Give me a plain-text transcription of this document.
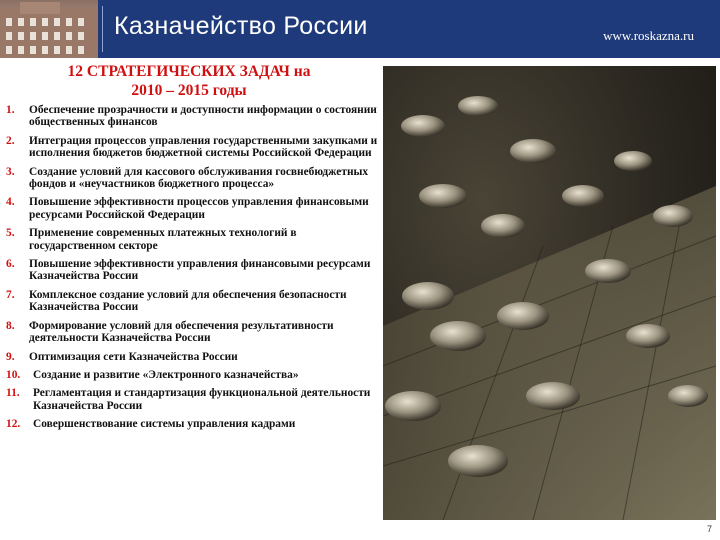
Казначейство России	www.roskazna.ru
12 СТРАТЕГИЧЕСКИХ ЗАДАЧ на
2010 – 2015 годы
1. Обеспечение прозрачности и доступности информации о состоянии общественных финансов
2. Интеграция процессов управления государственными закупками и исполнения бюджетов бюджетной системы Российской Федерации
3. Создание условий для кассового обслуживания госвнебюджетных фондов и «неучастников бюджетного процесса»
4. Повышение эффективности процессов управления финансовыми ресурсами Российской Федерации
5. Применение современных платежных технологий в государственном секторе
6. Повышение эффективности управления финансовыми ресурсами Казначейства России
7. Комплексное создание условий для обеспечения безопасности Казначейства России
8. Формирование условий для обеспечения результативности деятельности Казначейства России
9. Оптимизация сети Казначейства России
10. Создание и развитие «Электронного казначейства»
11. Регламентация и стандартизация функциональной деятельности Казначейства России
12. Совершенствование системы управления кадрами
7
